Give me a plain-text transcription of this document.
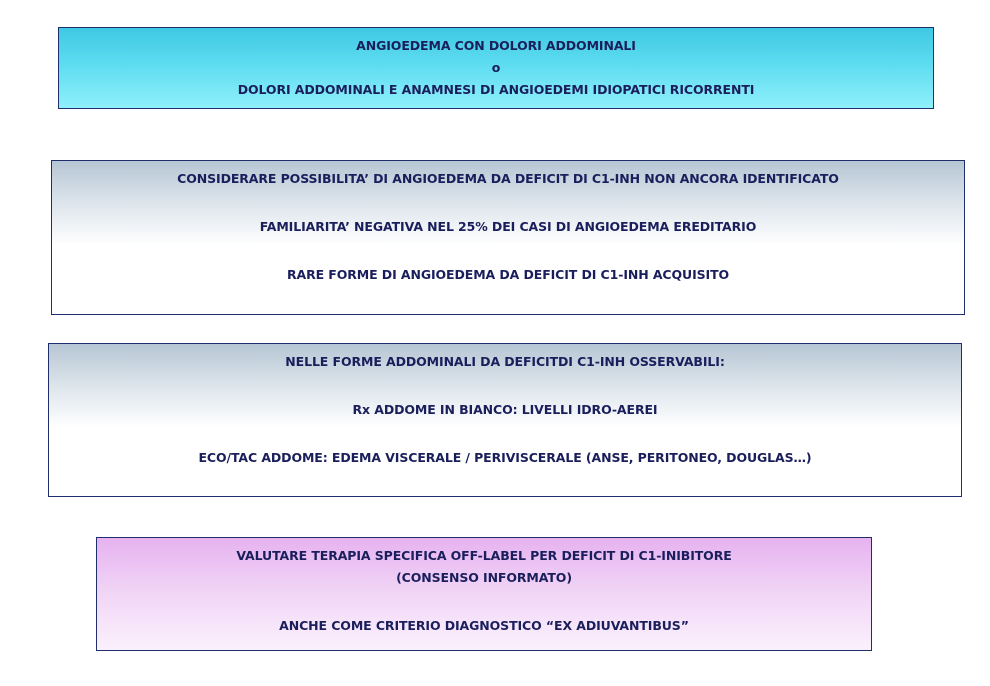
ANGIOEDEMA CON DOLORI ADDOMINALI
o
DOLORI ADDOMINALI E ANAMNESI DI ANGIOEDEMI IDIOPATICI RICORRENTI
CONSIDERARE POSSIBILITA’ DI ANGIOEDEMA DA DEFICIT DI C1-INH NON ANCORA IDENTIFICATO
FAMILIARITA’ NEGATIVA NEL 25% DEI CASI DI ANGIOEDEMA EREDITARIO
RARE FORME DI ANGIOEDEMA DA DEFICIT DI C1-INH ACQUISITO
NELLE FORME ADDOMINALI DA DEFICITDI C1-INH OSSERVABILI:
Rx ADDOME IN BIANCO: LIVELLI IDRO-AEREI
ECO/TAC ADDOME: EDEMA VISCERALE / PERIVISCERALE (ANSE, PERITONEO, DOUGLAS…)
VALUTARE TERAPIA SPECIFICA OFF-LABEL PER DEFICIT DI C1-INIBITORE
(CONSENSO INFORMATO)
ANCHE COME CRITERIO DIAGNOSTICO “EX ADIUVANTIBUS”
